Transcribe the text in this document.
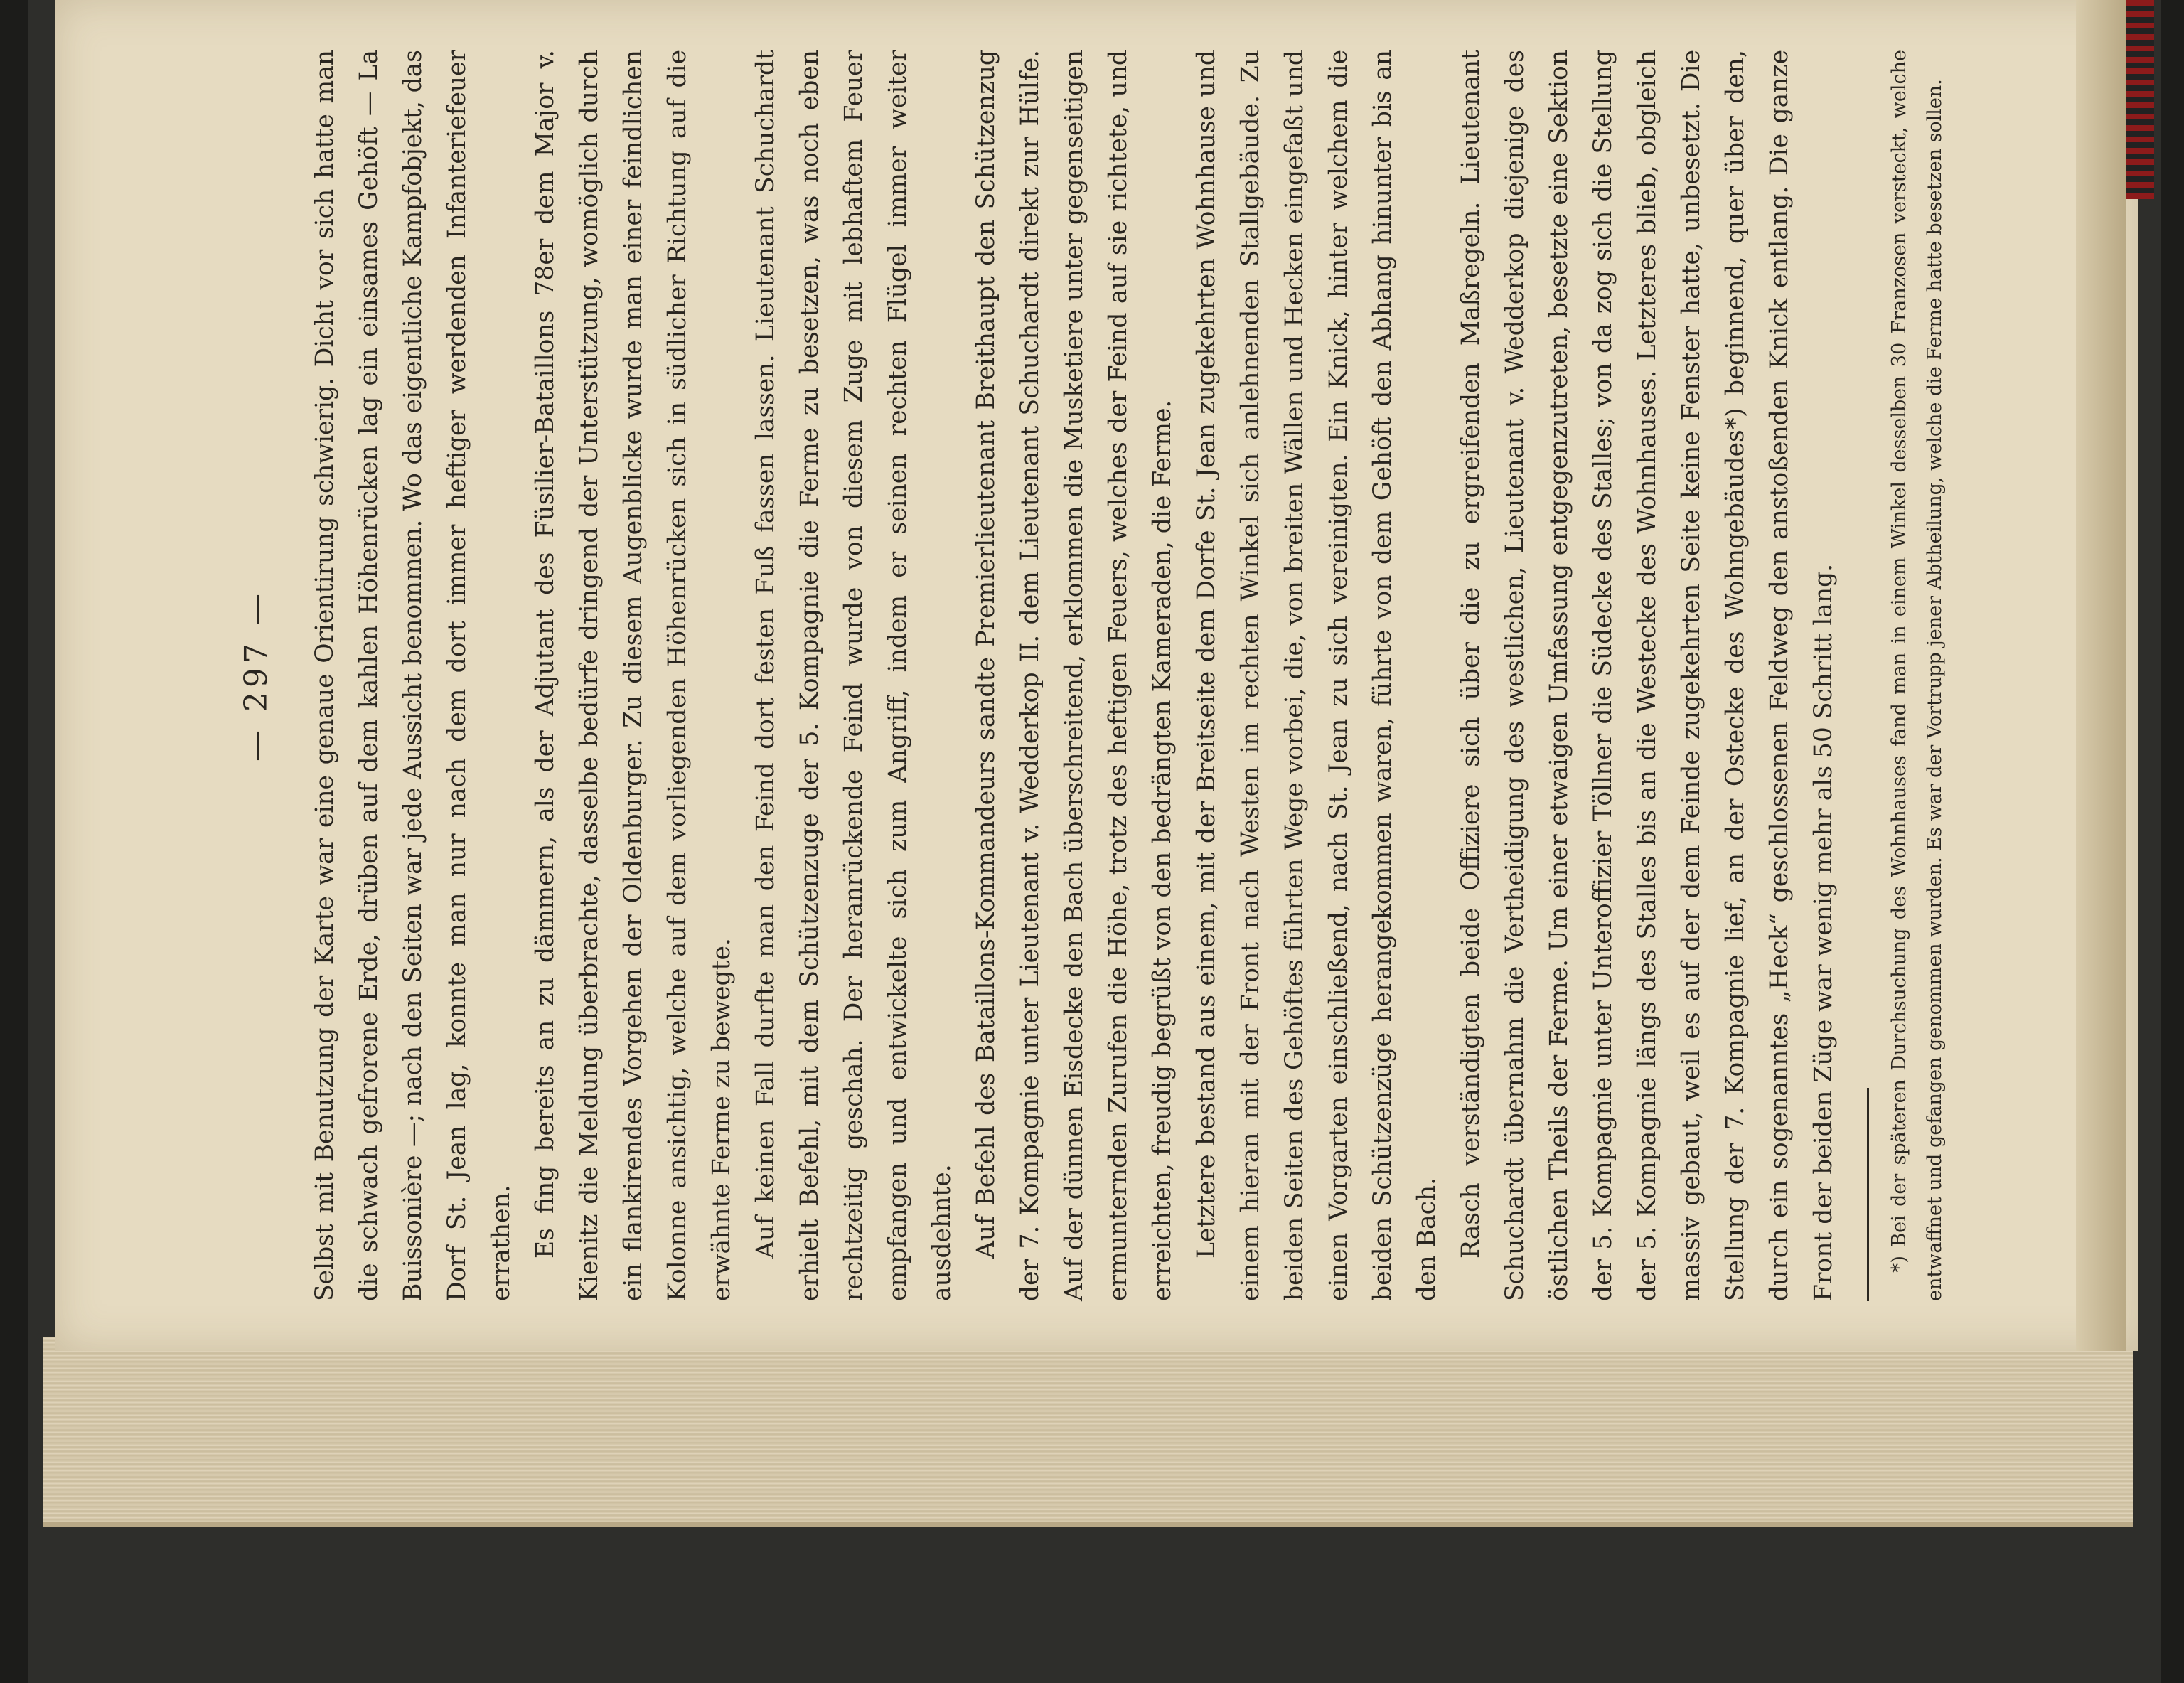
— 297 —	Selbst mit Benutzung der Karte war eine genaue Orientirung schwierig. Dicht vor sich hatte man die schwach gefrorene Erde, drüben auf dem kahlen Höhenrücken lag ein einsames Gehöft — La Buissonière —; nach den Seiten war jede Aussicht benommen. Wo das eigentliche Kampfobjekt, das Dorf St. Jean lag, konnte man nur nach dem dort immer heftiger werdenden Infanteriefeuer errathen. Es fing bereits an zu dämmern, als der Adjutant des Füsilier-Bataillons 78er dem Major v. Kienitz die Meldung überbrachte, dasselbe bedürfe dringend der Unterstützung, womöglich durch ein flankirendes Vorgehen der Oldenburger. Zu diesem Augenblicke wurde man einer feindlichen Kolonne ansichtig, welche auf dem vorliegenden Höhenrücken sich in südlicher Richtung auf die erwähnte Ferme zu bewegte. Auf keinen Fall durfte man den Feind dort festen Fuß fassen lassen. Lieutenant Schuchardt erhielt Befehl, mit dem Schützenzuge der 5. Kompagnie die Ferme zu besetzen, was noch eben rechtzeitig geschah. Der heranrückende Feind wurde von diesem Zuge mit lebhaftem Feuer empfangen und entwickelte sich zum Angriff, indem er seinen rechten Flügel immer weiter ausdehnte. Auf Befehl des Bataillons-Kommandeurs sandte Premierlieutenant Breithaupt den Schützenzug der 7. Kompagnie unter Lieutenant v. Wedderkop II. dem Lieutenant Schuchardt direkt zur Hülfe. Auf der dünnen Eisdecke den Bach überschreitend, erklommen die Musketiere unter gegenseitigen ermunternden Zurufen die Höhe, trotz des heftigen Feuers, welches der Feind auf sie richtete, und erreichten, freudig begrüßt von den bedrängten Kameraden, die Ferme. Letztere bestand aus einem, mit der Breitseite dem Dorfe St. Jean zugekehrten Wohnhause und einem hieran mit der Front nach Westen im rechten Winkel sich anlehnenden Stallgebäude. Zu beiden Seiten des Gehöftes führten Wege vorbei, die, von breiten Wällen und Hecken eingefaßt und einen Vorgarten einschließend, nach St. Jean zu sich vereinigten. Ein Knick, hinter welchem die beiden Schützenzüge herangekommen waren, führte von dem Gehöft den Abhang hinunter bis an den Bach. Rasch verständigten beide Offiziere sich über die zu ergreifenden Maßregeln. Lieutenant Schuchardt übernahm die Vertheidigung des westlichen, Lieutenant v. Wedderkop diejenige des östlichen Theils der Ferme. Um einer etwaigen Umfassung entgegenzutreten, besetzte eine Sektion der 5. Kompagnie unter Unteroffizier Töllner die Südecke des Stalles; von da zog sich die Stellung der 5. Kompagnie längs des Stalles bis an die Westecke des Wohnhauses. Letzteres blieb, obgleich massiv gebaut, weil es auf der dem Feinde zugekehrten Seite keine Fenster hatte, unbesetzt. Die Stellung der 7. Kompagnie lief, an der Ostecke des Wohngebäudes*) beginnend, quer über den, durch ein sogenanntes „Heck“ geschlossenen Feldweg den anstoßenden Knick entlang. Die ganze Front der beiden Züge war wenig mehr als 50 Schritt lang.	*) Bei der späteren Durchsuchung des Wohnhauses fand man in einem Winkel desselben 30 Franzosen versteckt, welche entwaffnet und gefangen genommen wurden. Es war der Vortrupp jener Abtheilung, welche die Ferme hatte besetzen sollen.
